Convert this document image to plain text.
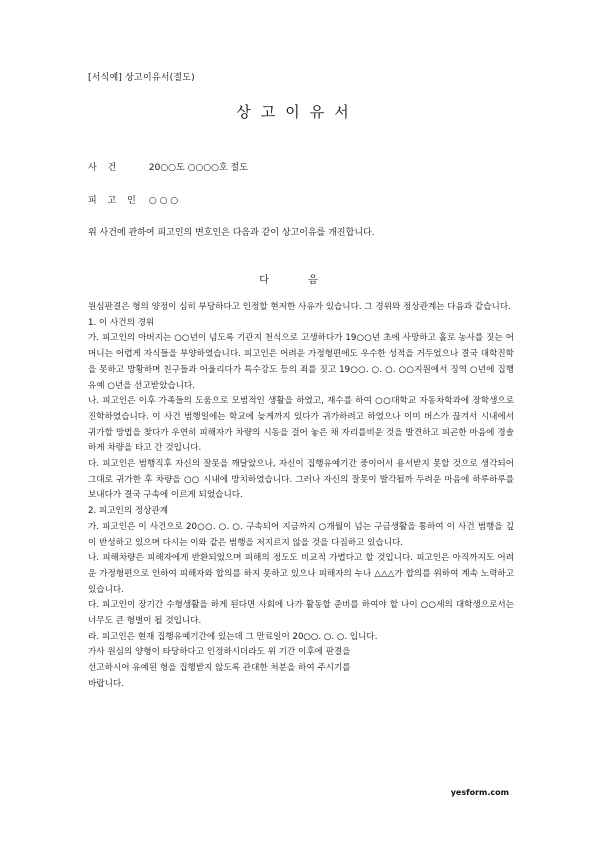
[서식예] 상고이유서(절도)
상고이유서
사 건	20○○도 ○○○○호 절도
피 고 인 ○ ○ ○
위 사건에 관하여 피고인의 변호인은 다음과 같이 상고이유를 개진합니다.
다 음

원심판결은 형의 양정이 심히 부당하다고 인정할 현저한 사유가 있습니다. 그 경위와 정상관계는 다음과 같습니다.

1. 이 사건의 경위

가. 피고인의 아버지는 ○○년이 넘도록 기관지 천식으로 고생하다가 19○○년 초에 사망하고 홀로 농사를 짓는 어머니는 어렵게 자식들을 부양하였습니다. 피고인은 어려운 가정형편에도 우수한 성적을 거두었으나 결국 대학진학을 못하고 방황하며 친구들과 어울리다가 특수강도 등의 죄를 짓고 19○○. ○. ○. ○○지원에서 징역 ○년에 집행유예 ○년을 선고받았습니다.

나. 피고인은 이후 가족들의 도움으로 모범적인 생활을 하였고, 재수를 하여 ○○대학교 자동차학과에 장학생으로 진학하였습니다. 이 사건 범행일에는 학교에 늦게까지 있다가 귀가하려고 하였으나 이미 버스가 끊겨서 시내에서 귀가할 방법을 찾다가 우연히 피해자가 차량의 시동을 걸어 놓은 채 자리를비운 것을 발견하고 피곤한 마음에 경솔하게 차량을 타고 간 것입니다.

다. 피고인은 범행직후 자신의 잘못을 깨달았으나, 자신이 집행유예기간 중이어서 용서받지 못할 것으로 생각되어 그대로 귀가한 후 차량을 ○○ 시내에 방치하였습니다. 그러나 자신의 잘못이 발각될까 두려운 마음에 하루하루를 보내다가 결국 구속에 이르게 되었습니다.

2. 피고인의 정상관계

가. 피고인은 이 사건으로 20○○. ○. ○. 구속되어 지금까지 ○개월이 넘는 구금생활을 통하여 이 사건 범행을 깊이 반성하고 있으며 다시는 이와 같은 범행을 저지르지 않을 것을 다짐하고 있습니다.

나. 피해차량은 피해자에게 반환되었으며 피해의 정도도 비교적 가볍다고 할 것입니다. 피고인은 아직까지도 어려운 가정형편으로 인하여 피해자와 합의를 하지 못하고 있으나 피해자의 누나 △△△가 합의를 위하여 계속 노력하고 있습니다.

다. 피고인이 장기간 수형생활을 하게 된다면 사회에 나가 활동할 준비를 하여야 할 나이 ○○세의 대학생으로서는 너무도 큰 형벌이 될 것입니다.

라. 피고인은 현재 집행유예기간에 있는데 그 만료일이 20○○. ○. ○. 입니다.

가사 원심의 양형이 타당하다고 인정하시더라도 위 기간 이후에 판결을

선고하시어 유예된 형을 집행받지 않도록 관대한 처분을 하여 주시기를

바랍니다.

yesform.com
